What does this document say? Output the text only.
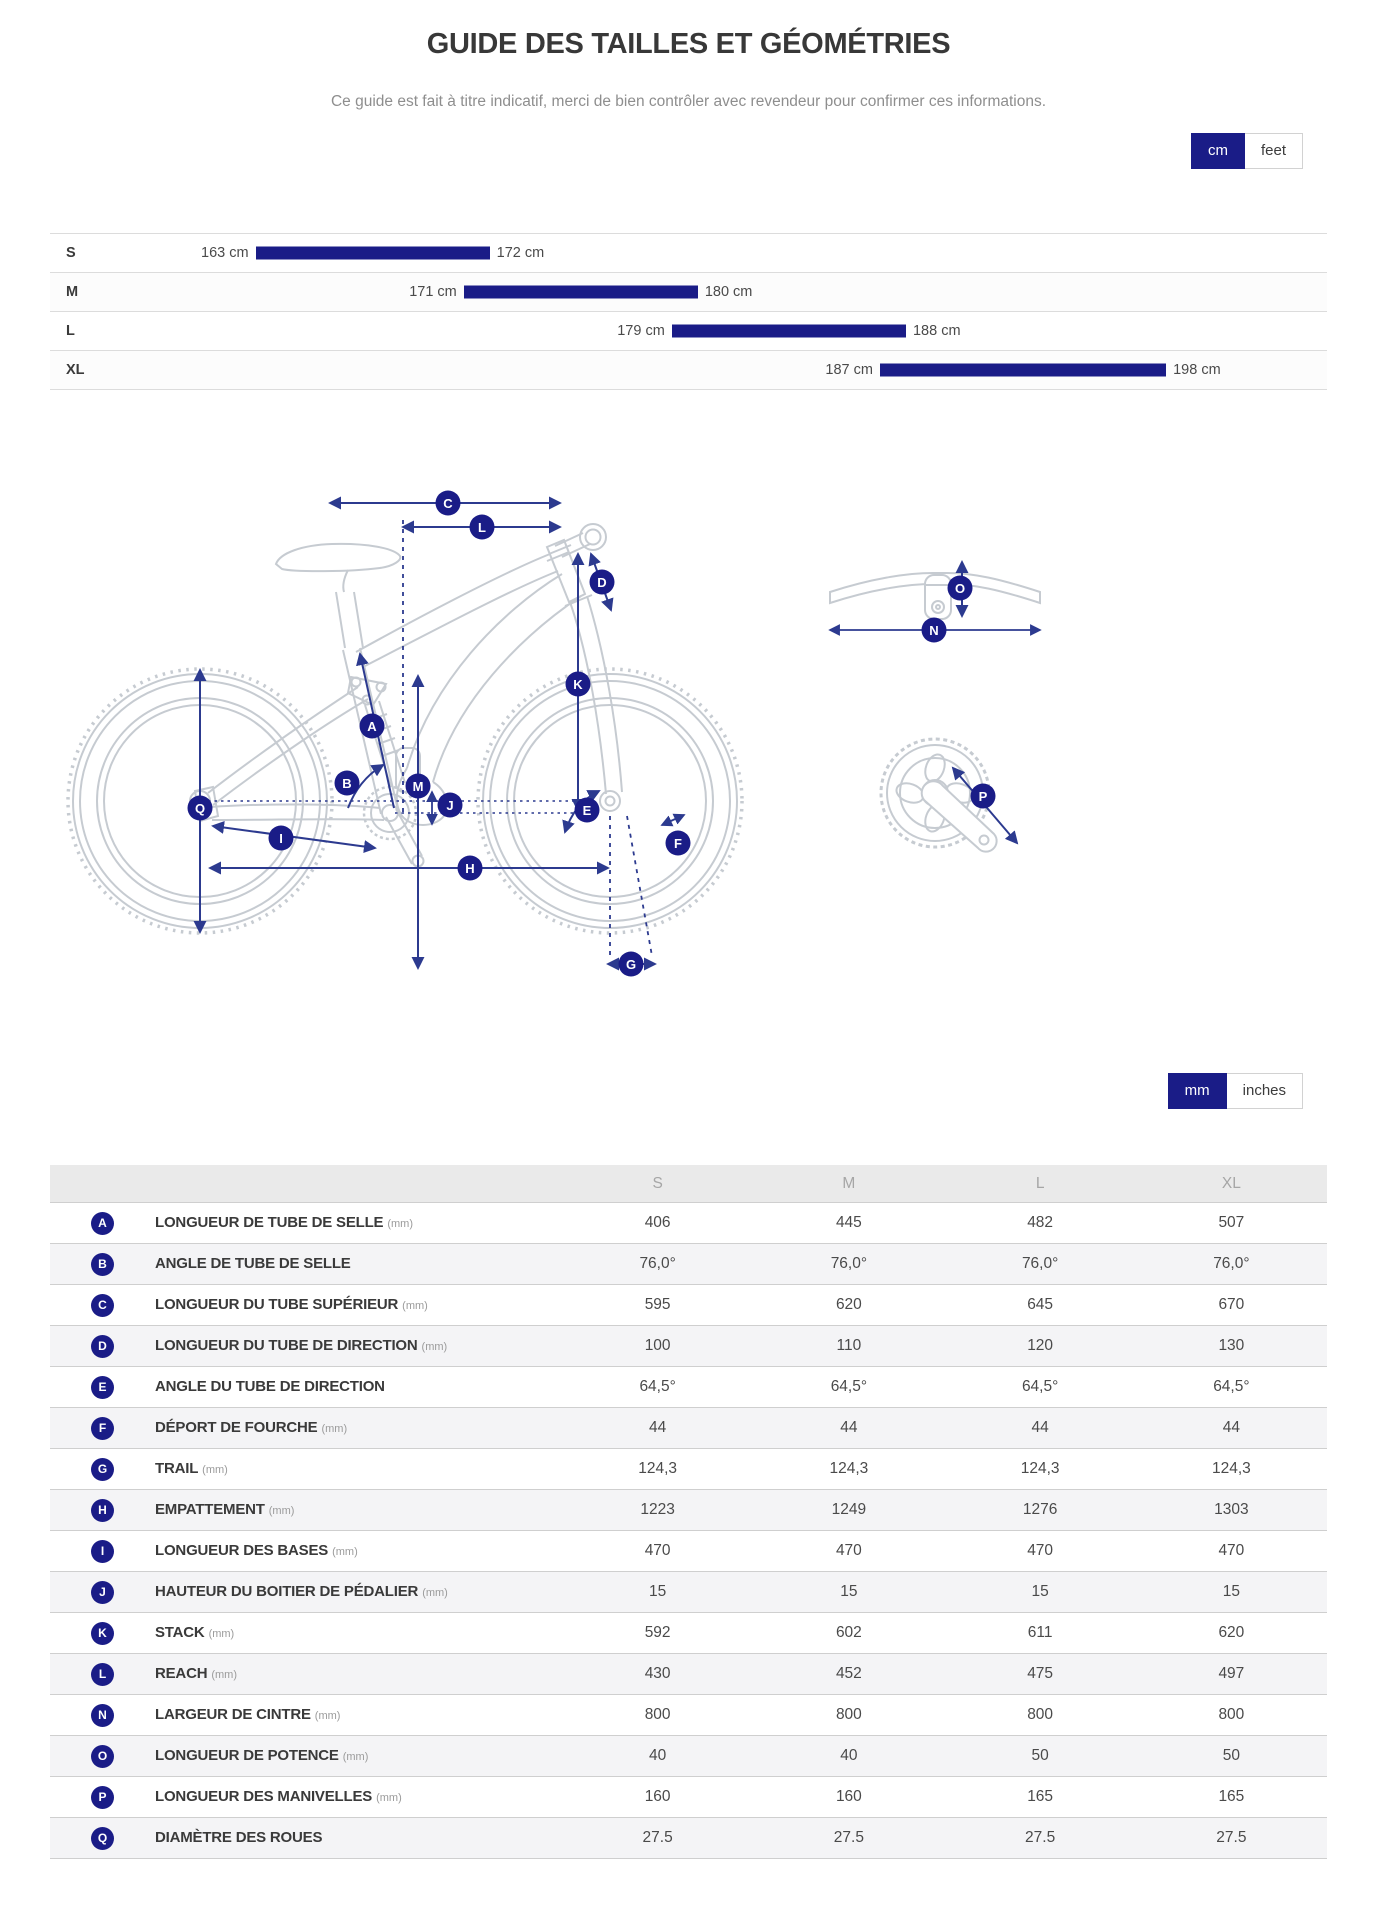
GUIDE DES TAILLES ET GÉOMÉTRIES

Ce guide est fait à titre indicatif, merci de bien contrôler avec revendeur pour confirmer ces informations.

cm	feet
S	163 cm	172 cm
M	171 cm	180 cm
L	179 cm	188 cm
XL	187 cm	198 cm
C
L
D
K
A
B	M
J
Q
I
H
E
F
G
O
N
P
mm	inches
		S	M	L	XL
A	LONGUEUR DE TUBE DE SELLE (mm)	406	445	482	507
B	ANGLE DE TUBE DE SELLE	76,0°	76,0°	76,0°	76,0°
C	LONGUEUR DU TUBE SUPÉRIEUR (mm)	595	620	645	670
D	LONGUEUR DU TUBE DE DIRECTION (mm)	100	110	120	130
E	ANGLE DU TUBE DE DIRECTION	64,5°	64,5°	64,5°	64,5°
F	DÉPORT DE FOURCHE (mm)	44	44	44	44
G	TRAIL (mm)	124,3	124,3	124,3	124,3
H	EMPATTEMENT (mm)	1223	1249	1276	1303
I	LONGUEUR DES BASES (mm)	470	470	470	470
J	HAUTEUR DU BOITIER DE PÉDALIER (mm)	15	15	15	15
K	STACK (mm)	592	602	611	620
L	REACH (mm)	430	452	475	497
N	LARGEUR DE CINTRE (mm)	800	800	800	800
O	LONGUEUR DE POTENCE (mm)	40	40	50	50
P	LONGUEUR DES MANIVELLES (mm)	160	160	165	165
Q	DIAMÈTRE DES ROUES	27.5	27.5	27.5	27.5
